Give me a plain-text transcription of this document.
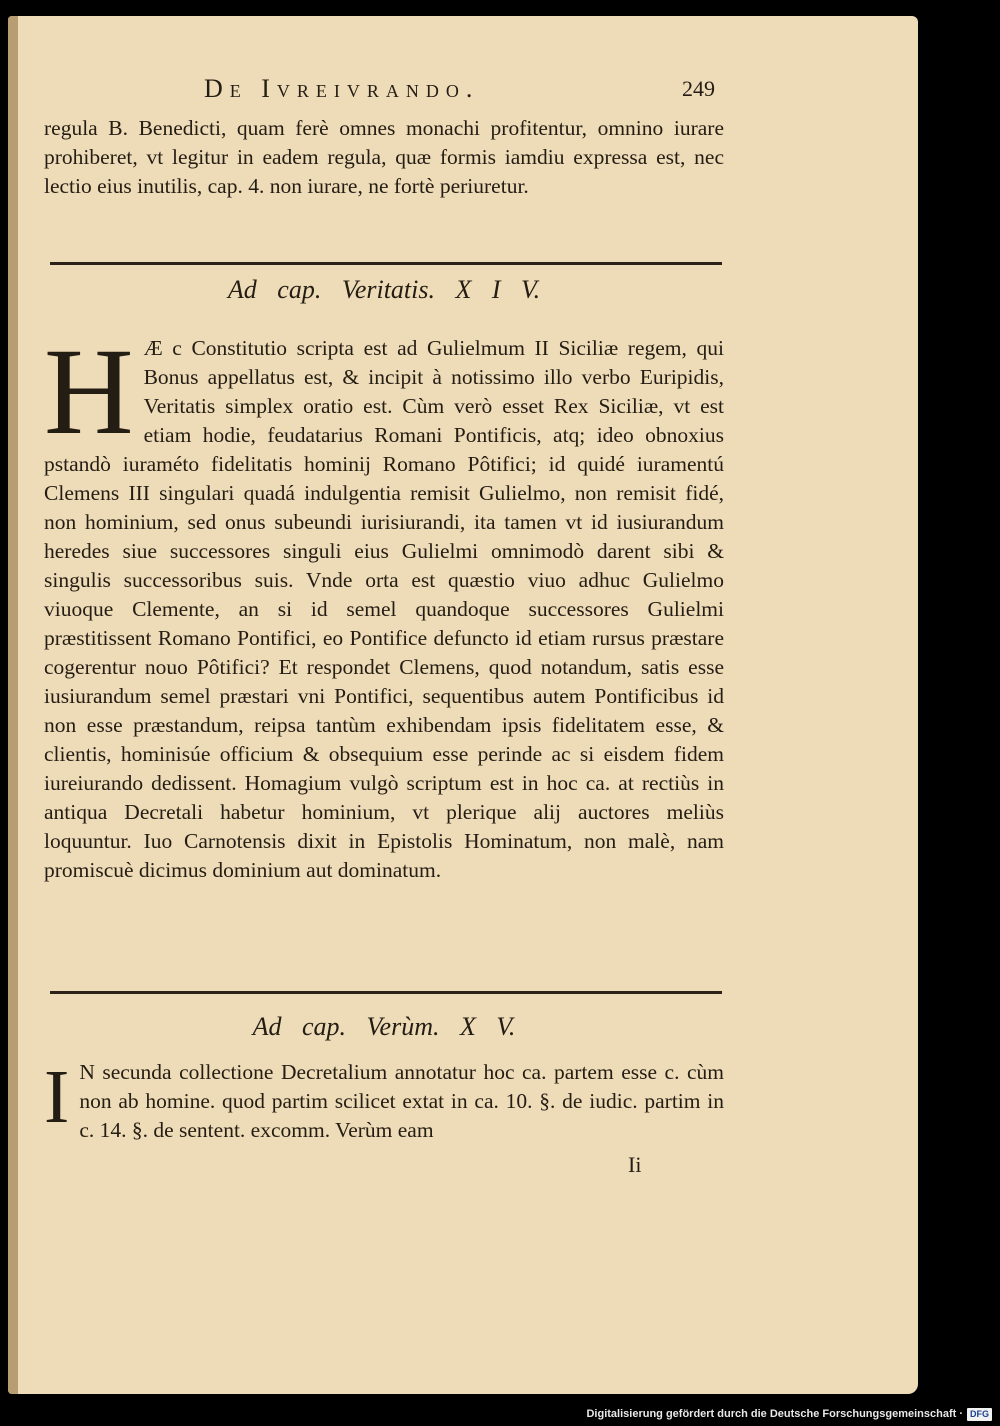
De Ivreivrando.	249

regula B. Benedicti, quam ferè omnes monachi profitentur, omnino iurare prohiberet, vt legitur in eadem regula, quæ formis iamdiu expressa est, nec lectio eius inutilis, cap. 4. non iurare, ne fortè periuretur.

Ad cap. Veritatis. X I V.
H Æ c Constitutio scripta est ad Gulielmum II Siciliæ regem, qui Bonus appellatus est, & incipit à notissimo illo verbo Euripidis, Veritatis simplex oratio est. Cùm verò esset Rex Siciliæ, vt est etiam hodie, feudatarius Romani Pontificis, atq; ideo obnoxius pstandò iuraméto fidelitatis hominij Romano Pôtifici; id quidé iuramentú Clemens III singulari quadá indulgentia remisit Gulielmo, non remisit fidé, non hominium, sed onus subeundi iurisiurandi, ita tamen vt id iusiurandum heredes siue successores singuli eius Gulielmi omnimodò darent sibi & singulis successoribus suis. Vnde orta est quæstio viuo adhuc Gulielmo viuoque Clemente, an si id semel quandoque successores Gulielmi præstitissent Romano Pontifici, eo Pontifice defuncto id etiam rursus præstare cogerentur nouo Pôtifici? Et respondet Clemens, quod notandum, satis esse iusiurandum semel præstari vni Pontifici, sequentibus autem Pontificibus id non esse præstandum, reipsa tantùm exhibendam ipsis fidelitatem esse, & clientis, hominisúe officium & obsequium esse perinde ac si eisdem fidem iureiurando dedissent. Homagium vulgò scriptum est in hoc ca. at rectiùs in antiqua Decretali habetur hominium, vt plerique alij auctores meliùs loquuntur. Iuo Carnotensis dixit in Epistolis Hominatum, non malè, nam promiscuè dicimus dominium aut dominatum.

Ad cap. Verùm. X V.
I N secunda collectione Decretalium annotatur hoc ca. partem esse c. cùm non ab homine. quod partim scilicet extat in ca. 10. §. de iudic. partim in c. 14. §. de sentent. excomm. Verùm eam

Ii
Digitalisierung gefördert durch die Deutsche Forschungsgemeinschaft · DFG
